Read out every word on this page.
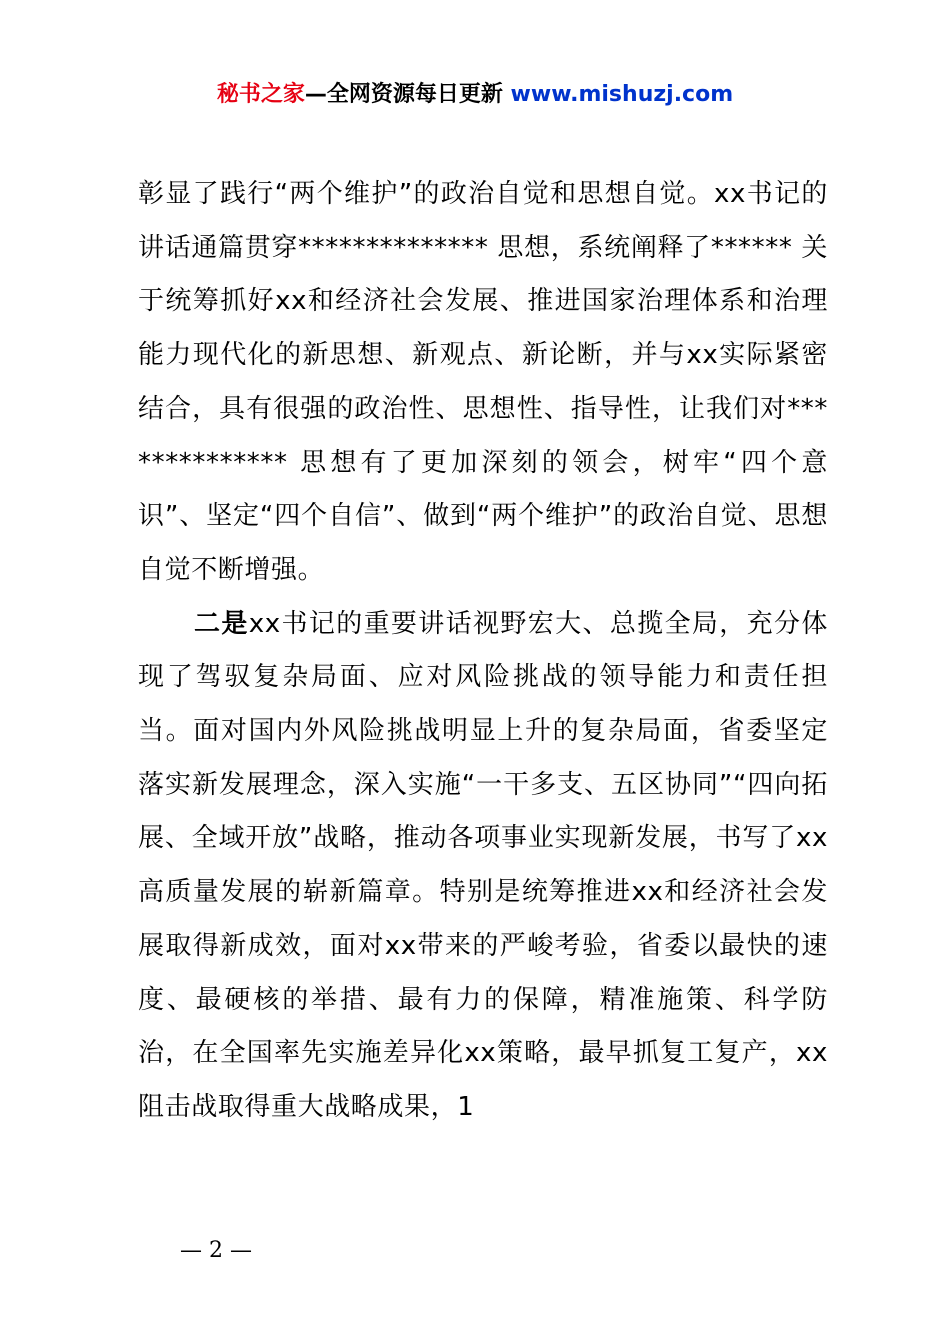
秘书之家—全网资源每日更新 www.mishuzj.com

彰显了践行“两个维护”的政治自觉和思想自觉。xx书记的讲话通篇贯穿************** 思想，系统阐释了****** 关于统筹抓好xx和经济社会发展、推进国家治理体系和治理能力现代化的新思想、新观点、新论断，并与xx实际紧密结合，具有很强的政治性、思想性、指导性，让我们对************** 思想有了更加深刻的领会，树牢“四个意识”、坚定“四个自信”、做到“两个维护”的政治自觉、思想自觉不断增强。

二是xx书记的重要讲话视野宏大、总揽全局，充分体现了驾驭复杂局面、应对风险挑战的领导能力和责任担当。面对国内外风险挑战明显上升的复杂局面，省委坚定落实新发展理念，深入实施“一干多支、五区协同”“四向拓展、全域开放”战略，推动各项事业实现新发展，书写了xx高质量发展的崭新篇章。特别是统筹推进xx和经济社会发展取得新成效，面对xx带来的严峻考验，省委以最快的速度、最硬核的举措、最有力的保障，精准施策、科学防治，在全国率先实施差异化xx策略，最早抓复工复产，xx阻击战取得重大战略成果，1

— 2 —
